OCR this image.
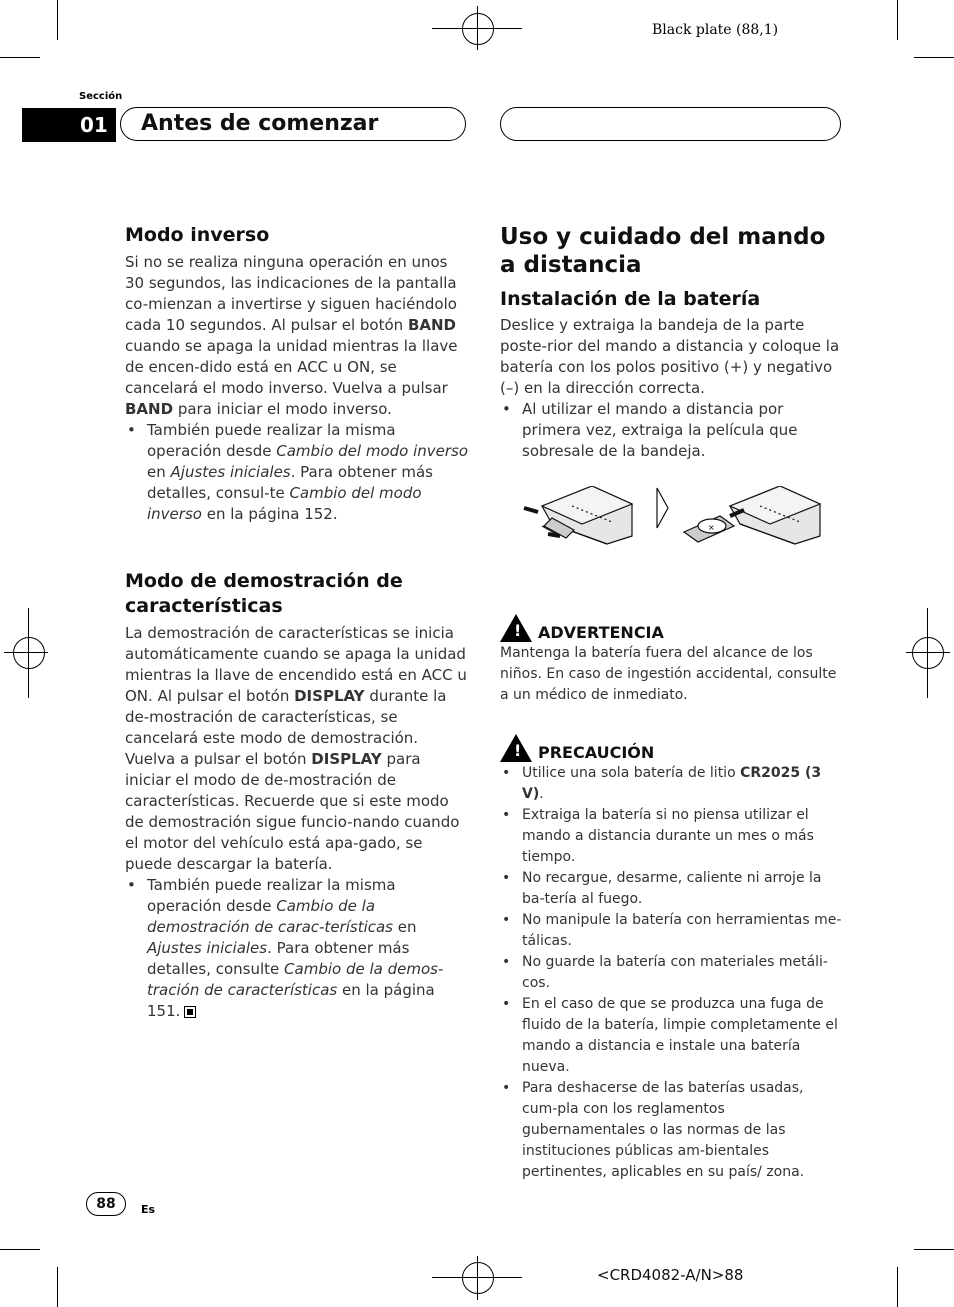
Black plate (88,1)
Sección
01	Antes de comenzar

Modo inverso

Si no se realiza ninguna operación en unos 30 segundos, las indicaciones de la pantalla co-mienzan a invertirse y siguen haciéndolo cada 10 segundos. Al pulsar el botón BAND cuando se apaga la unidad mientras la llave de encen-dido está en ACC u ON, se cancelará el modo inverso. Vuelva a pulsar BAND para iniciar el modo inverso.

• También puede realizar la misma operación desde Cambio del modo inverso en Ajustes iniciales. Para obtener más detalles, consul-te Cambio del modo inverso en la página 152.

Modo de demostración de características

La demostración de características se inicia automáticamente cuando se apaga la unidad mientras la llave de encendido está en ACC u ON. Al pulsar el botón DISPLAY durante la de-mostración de características, se cancelará este modo de demostración. Vuelva a pulsar el botón DISPLAY para iniciar el modo de de-mostración de características. Recuerde que si este modo de demostración sigue funcio-nando cuando el motor del vehículo está apa-gado, se puede descargar la batería.

• También puede realizar la misma operación desde Cambio de la demostración de carac-terísticas en Ajustes iniciales. Para obtener más detalles, consulte Cambio de la demos-tración de características en la página 151.

Uso y cuidado del mando a distancia

Instalación de la batería

Deslice y extraiga la bandeja de la parte poste-rior del mando a distancia y coloque la batería con los polos positivo (+) y negativo (–) en la dirección correcta.

• Al utilizar el mando a distancia por primera vez, extraiga la película que sobresale de la bandeja.

×
! ADVERTENCIA

Mantenga la batería fuera del alcance de los niños. En caso de ingestión accidental, consulte a un médico de inmediato.

! PRECAUCIÓN

• Utilice una sola batería de litio CR2025 (3 V).

• Extraiga la batería si no piensa utilizar el mando a distancia durante un mes o más tiempo.

• No recargue, desarme, caliente ni arroje la ba-tería al fuego.

• No manipule la batería con herramientas me-tálicas.

• No guarde la batería con materiales metáli-cos.

• En el caso de que se produzca una fuga de fluido de la batería, limpie completamente el mando a distancia e instale una batería nueva.

• Para deshacerse de las baterías usadas, cum-pla con los reglamentos gubernamentales o las normas de las instituciones públicas am-bientales pertinentes, aplicables en su país/ zona.

88	Es
<CRD4082-A/N>88
